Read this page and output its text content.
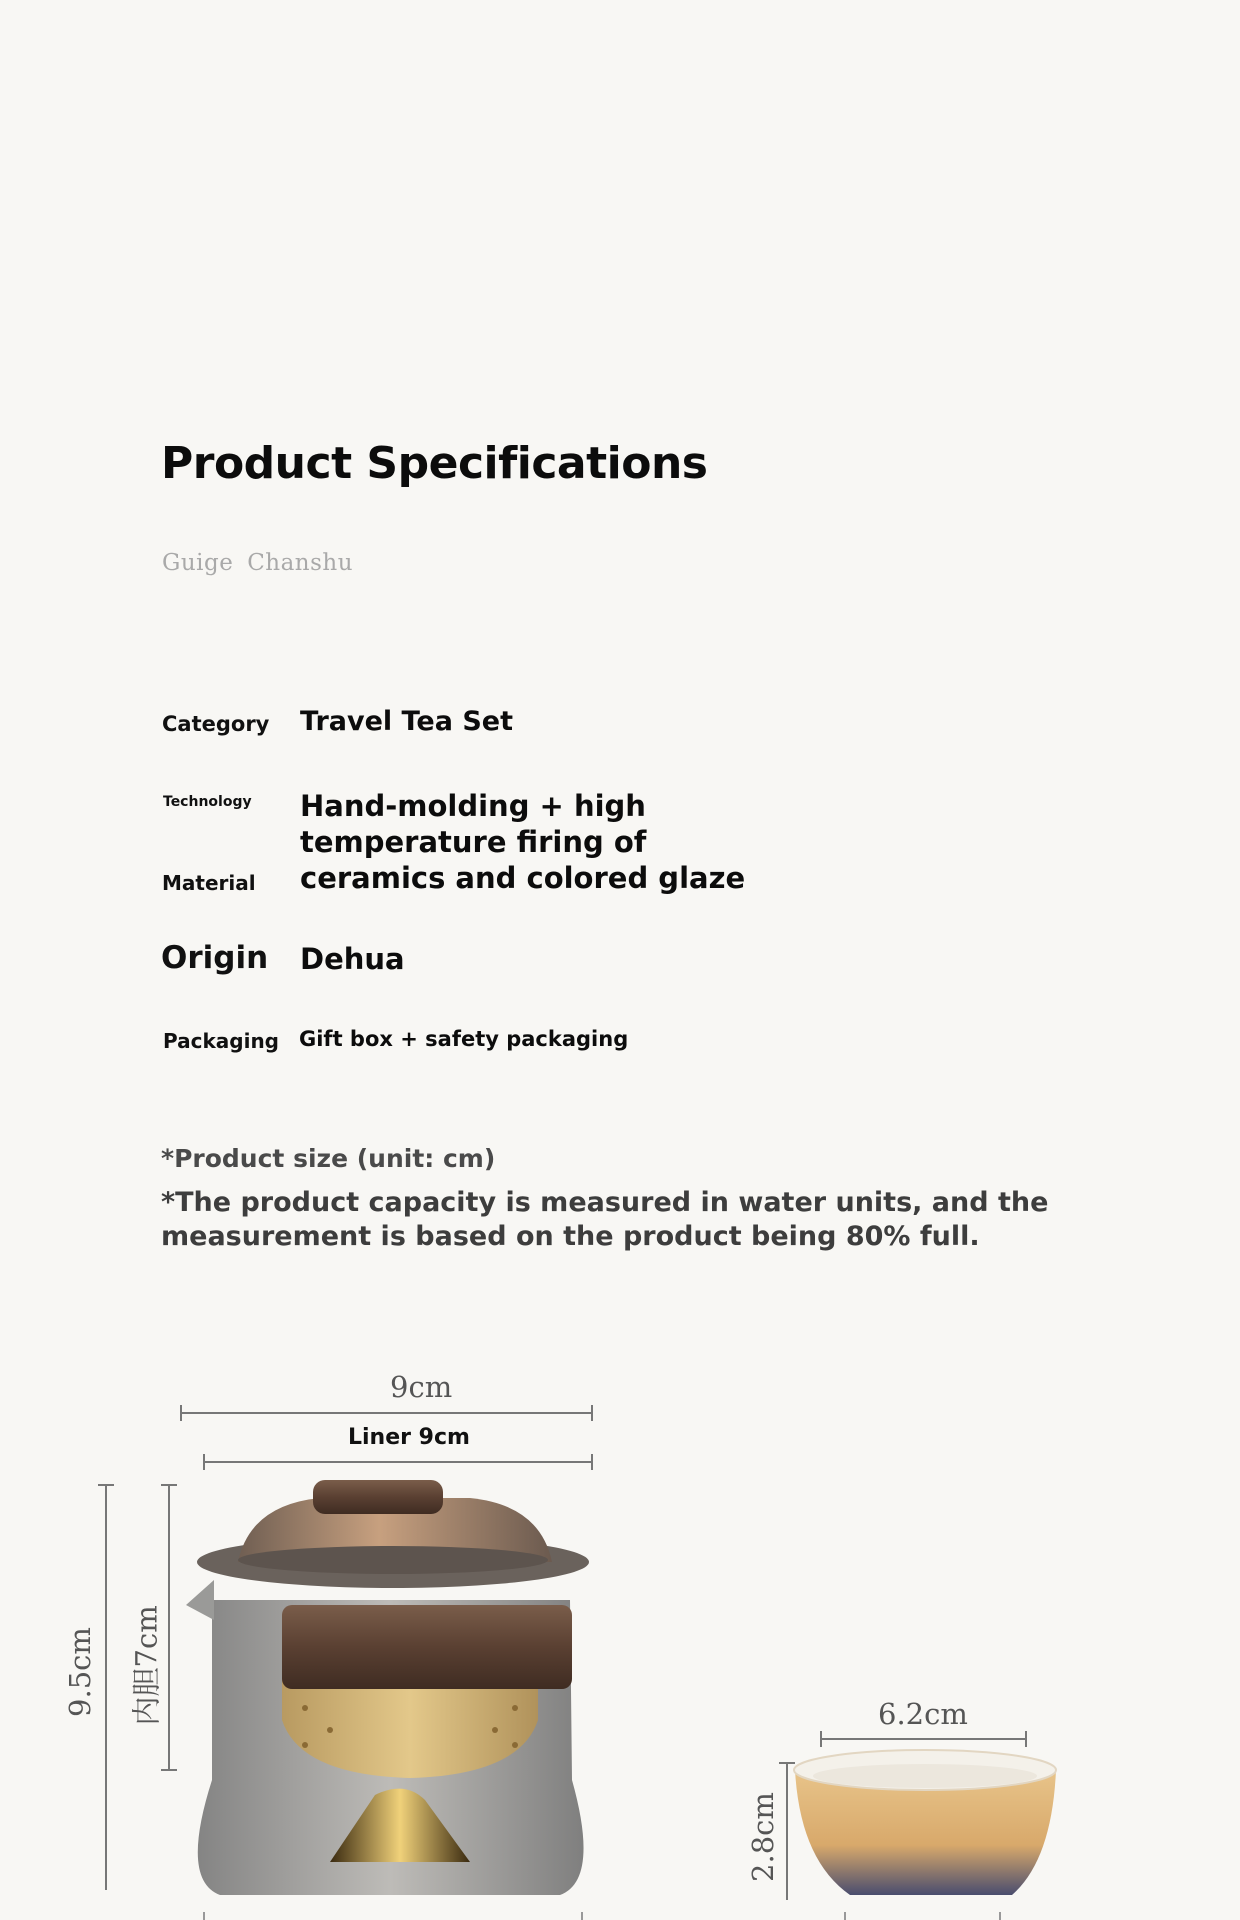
Product Specifications
Guige Chanshu
Category Travel Tea Set
Technology
Material
Hand-molding + high
temperature firing of
ceramics and colored glaze
Origin Dehua
Packaging Gift box + safety packaging
*Product size (unit: cm)
*The product capacity is measured in water units, and the measurement is based on the product being 80% full.
9cm
Liner 9cm
9.5cm 内胆7cm	6.2cm
2.8cm
